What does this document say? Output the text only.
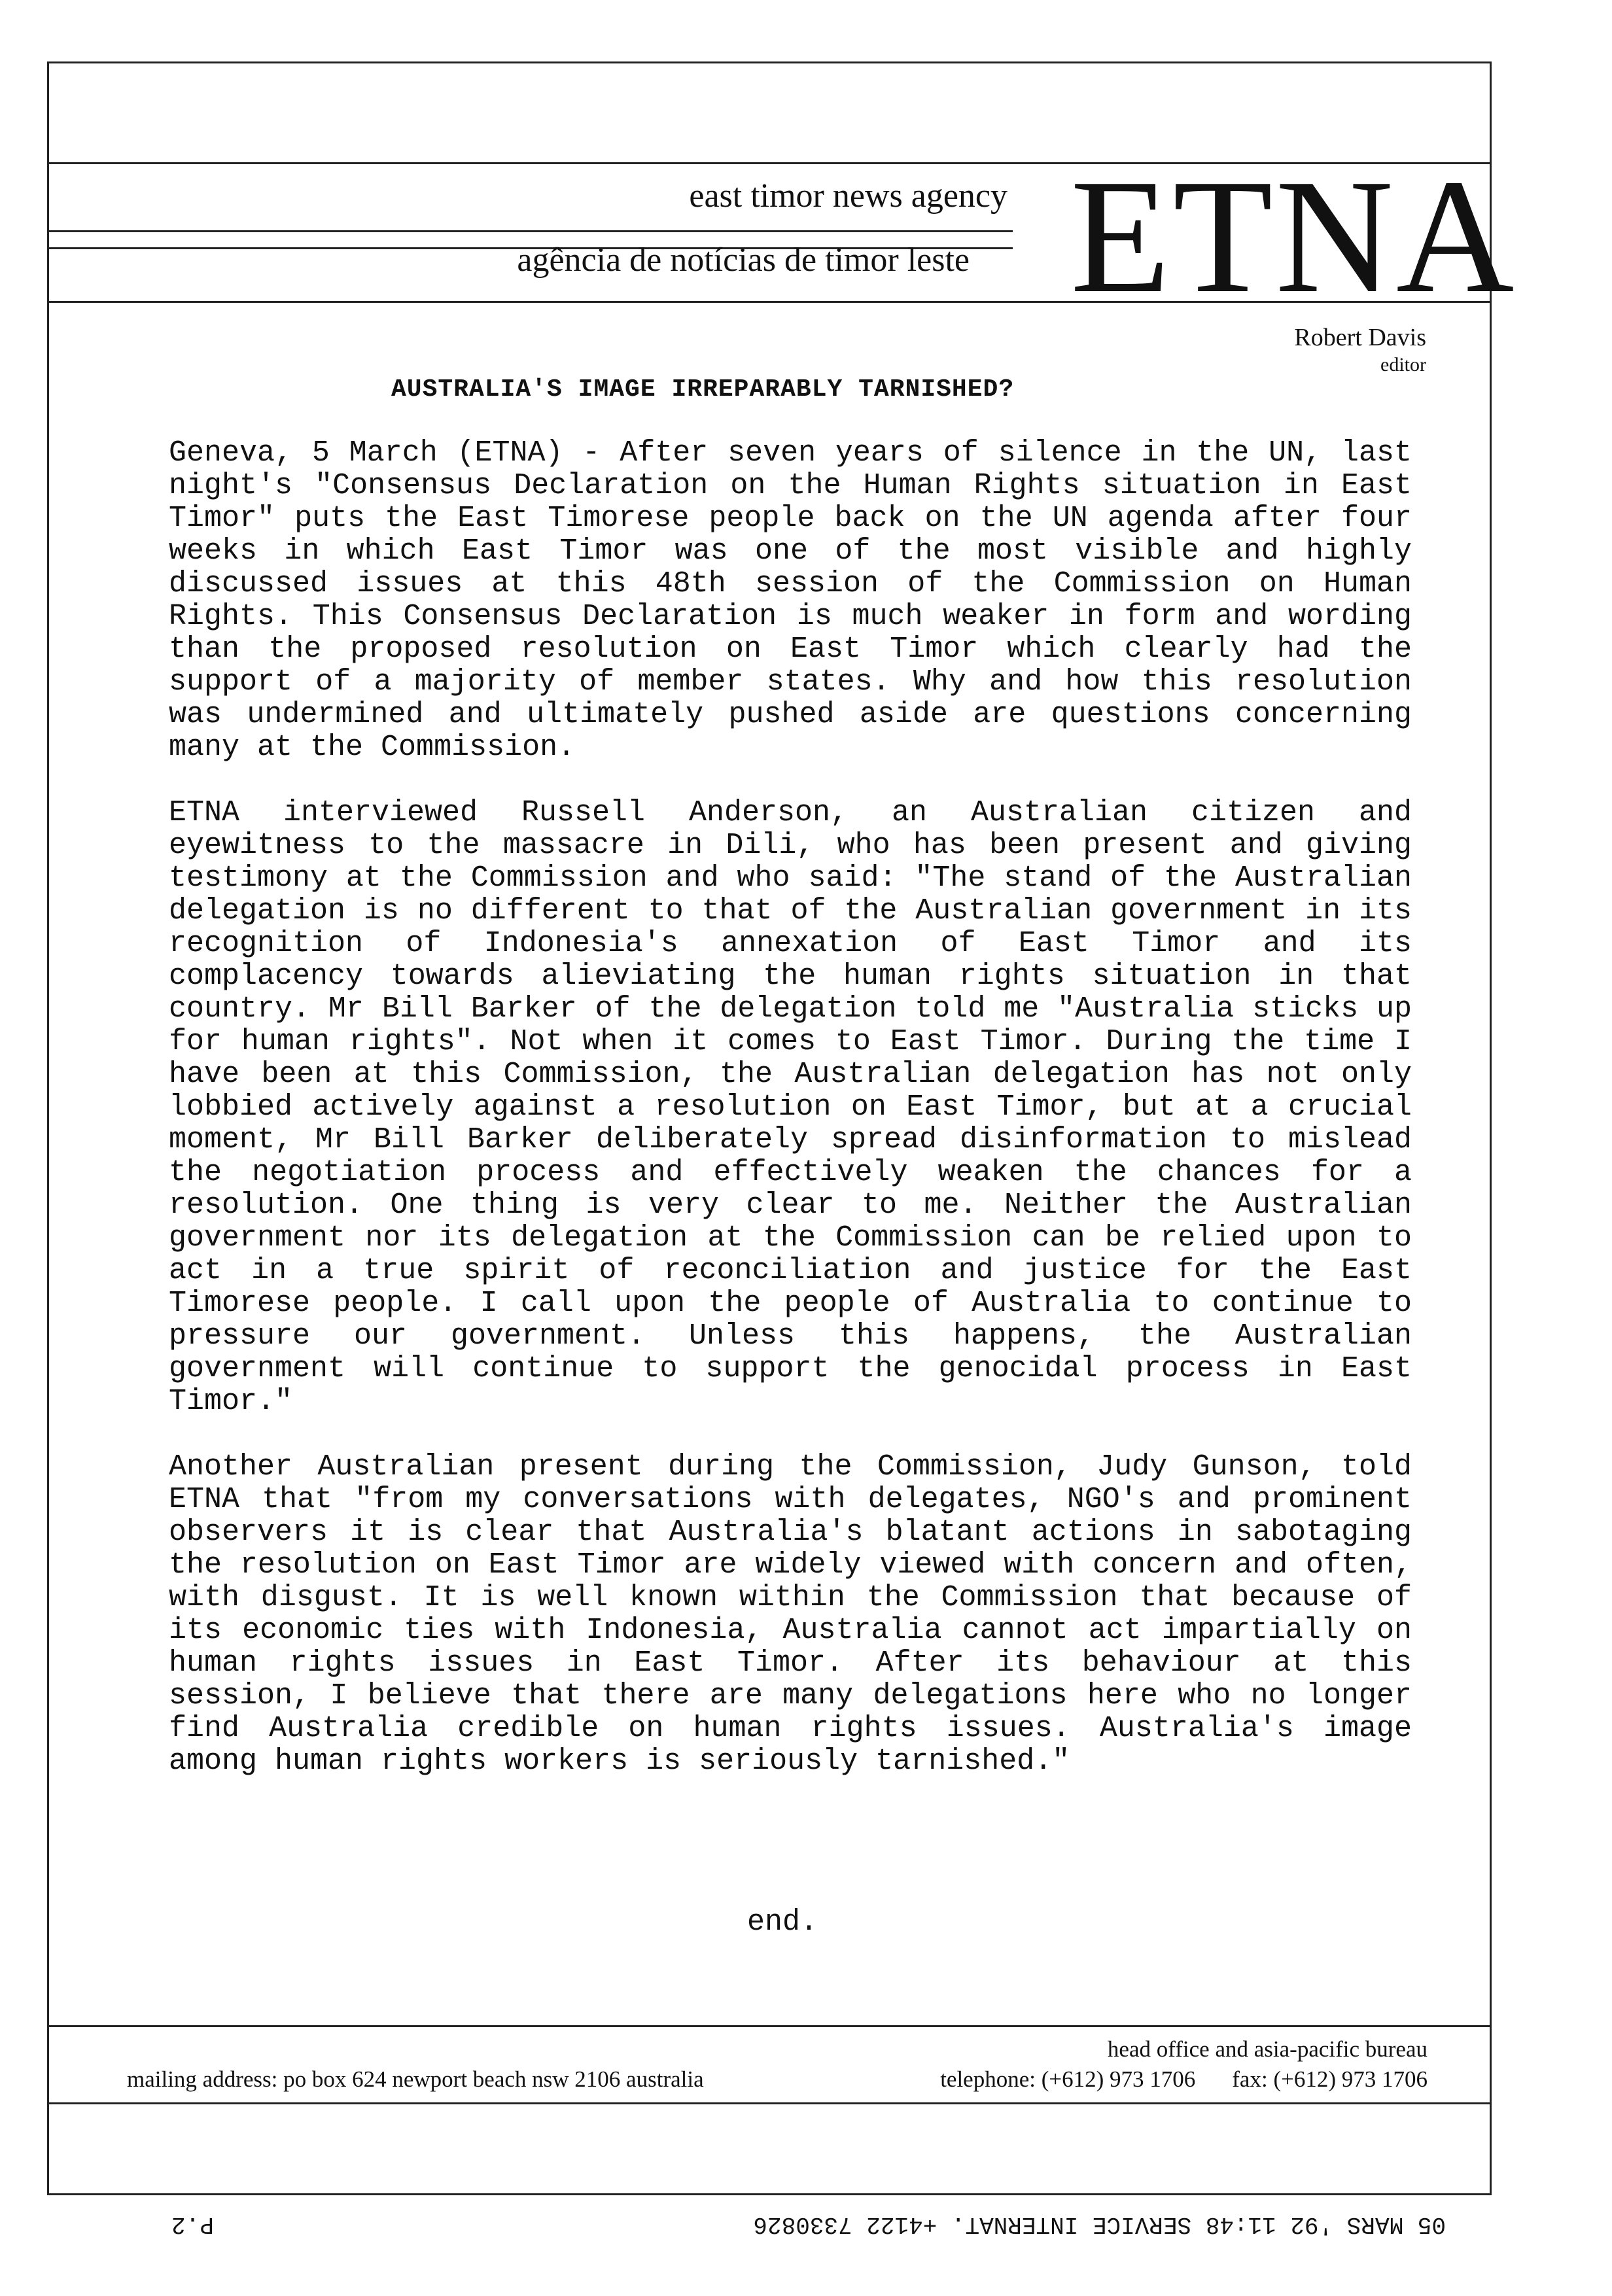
east timor news agency
agência de notícias de timor leste ETNA
Robert Davis
editor
AUSTRALIA'S IMAGE IRREPARABLY TARNISHED?

Geneva, 5 March (ETNA) - After seven years of silence in the UN, last night's "Consensus Declaration on the Human Rights situation in East Timor" puts the East Timorese people back on the UN agenda after four weeks in which East Timor was one of the most visible and highly discussed issues at this 48th session of the Commission on Human Rights. This Consensus Declaration is much weaker in form and wording than the proposed resolution on East Timor which clearly had the support of a majority of member states. Why and how this resolution was undermined and ultimately pushed aside are questions concerning many at the Commission.

ETNA interviewed Russell Anderson, an Australian citizen and eyewitness to the massacre in Dili, who has been present and giving testimony at the Commission and who said: "The stand of the Australian delegation is no different to that of the Australian government in its recognition of Indonesia's annexation of East Timor and its complacency towards alieviating the human rights situation in that country. Mr Bill Barker of the delegation told me "Australia sticks up for human rights". Not when it comes to East Timor. During the time I have been at this Commission, the Australian delegation has not only lobbied actively against a resolution on East Timor, but at a crucial moment, Mr Bill Barker deliberately spread disinformation to mislead the negotiation process and effectively weaken the chances for a resolution. One thing is very clear to me. Neither the Australian government nor its delegation at the Commission can be relied upon to act in a true spirit of reconciliation and justice for the East Timorese people. I call upon the people of Australia to continue to pressure our government. Unless this happens, the Australian government will continue to support the genocidal process in East Timor."

Another Australian present during the Commission, Judy Gunson, told ETNA that "from my conversations with delegates, NGO's and prominent observers it is clear that Australia's blatant actions in sabotaging the resolution on East Timor are widely viewed with concern and often, with disgust. It is well known within the Commission that because of its economic ties with Indonesia, Australia cannot act impartially on human rights issues in East Timor. After its behaviour at this session, I believe that there are many delegations here who no longer find Australia credible on human rights issues. Australia's image among human rights workers is seriously tarnished."

end.
head office and asia-pacific bureau
mailing address: po box 624 newport beach nsw 2106 australia	telephone: (+612) 973 1706 fax: (+612) 973 1706
05 MARS '92 11:48 SERVICE INTERNAT. +4122 7330826
P.2
